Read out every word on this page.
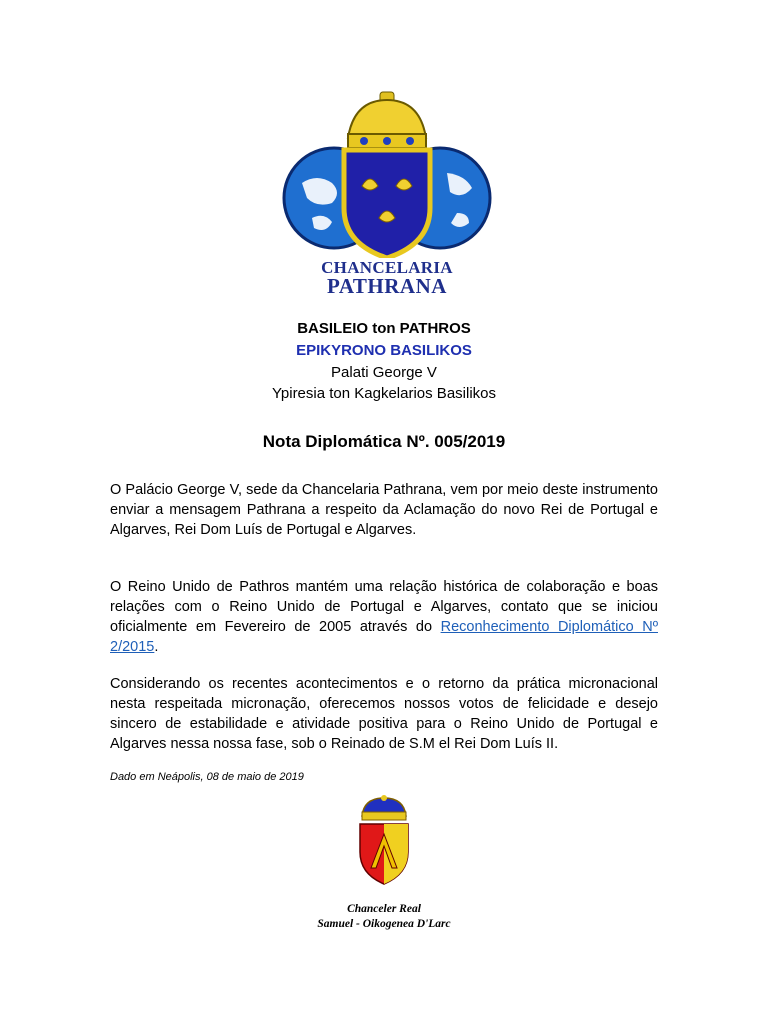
CHANCELARIA
PATHRANA
BASILEIO ton PATHROS
EPIKYRONO BASILIKOS
Palati George V
Ypiresia ton Kagkelarios Basilikos
Nota Diplomática Nº. 005/2019
O Palácio George V, sede da Chancelaria Pathrana, vem por meio deste instrumento enviar a mensagem Pathrana a respeito da Aclamação do novo Rei de Portugal e Algarves, Rei Dom Luís de Portugal e Algarves.
O Reino Unido de Pathros mantém uma relação histórica de colaboração e boas relações com o Reino Unido de Portugal e Algarves, contato que se iniciou oficialmente em Fevereiro de 2005 através do Reconhecimento Diplomático Nº 2/2015.
Considerando os recentes acontecimentos e o retorno da prática micronacional nesta respeitada micronação, oferecemos nossos votos de felicidade e desejo sincero de estabilidade e atividade positiva para o Reino Unido de Portugal e Algarves nessa nossa fase, sob o Reinado de S.M el Rei Dom Luís II.
Dado em Neápolis, 08 de maio de 2019
Chanceler Real
Samuel - Oikogenea D'Larc
